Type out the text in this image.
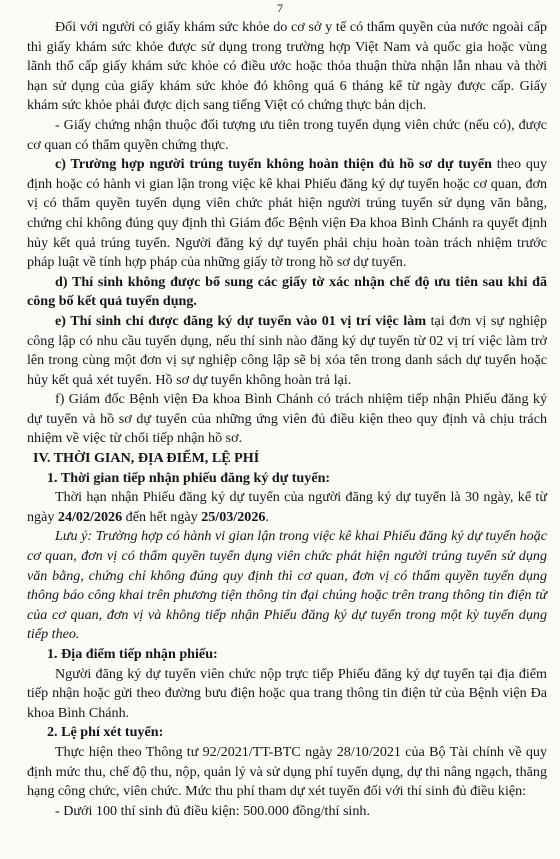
7

Đối với người có giấy khám sức khỏe do cơ sở y tế có thẩm quyền của nước ngoài cấp thì giấy khám sức khỏe được sử dụng trong trường hợp Việt Nam và quốc gia hoặc vùng lãnh thổ cấp giấy khám sức khỏe có điều ước hoặc thỏa thuận thừa nhận lẫn nhau và thời hạn sử dụng của giấy khám sức khỏe đó không quá 6 tháng kể từ ngày được cấp. Giấy khám sức khỏe phải được dịch sang tiếng Việt có chứng thực bản dịch.

- Giấy chứng nhận thuộc đối tượng ưu tiên trong tuyển dụng viên chức (nếu có), được cơ quan có thẩm quyền chứng thực.

c) Trường hợp người trúng tuyển không hoàn thiện đủ hồ sơ dự tuyển theo quy định hoặc có hành vi gian lận trong việc kê khai Phiếu đăng ký dự tuyển hoặc cơ quan, đơn vị có thẩm quyền tuyển dụng viên chức phát hiện người trúng tuyển sử dụng văn bằng, chứng chỉ không đúng quy định thì Giám đốc Bệnh viện Đa khoa Bình Chánh ra quyết định hủy kết quả trúng tuyển. Người đăng ký dự tuyển phải chịu hoàn toàn trách nhiệm trước pháp luật về tính hợp pháp của những giấy tờ trong hồ sơ dự tuyển.

d) Thí sinh không được bổ sung các giấy tờ xác nhận chế độ ưu tiên sau khi đã công bố kết quả tuyển dụng.

e) Thí sinh chỉ được đăng ký dự tuyển vào 01 vị trí việc làm tại đơn vị sự nghiệp công lập có nhu cầu tuyển dụng, nếu thí sinh nào đăng ký dự tuyển từ 02 vị trí việc làm trở lên trong cùng một đơn vị sự nghiệp công lập sẽ bị xóa tên trong danh sách dự tuyển hoặc hủy kết quả xét tuyển. Hồ sơ dự tuyển không hoàn trả lại.

f) Giám đốc Bệnh viện Đa khoa Bình Chánh có trách nhiệm tiếp nhận Phiếu đăng ký dự tuyển và hồ sơ dự tuyển của những ứng viên đủ điều kiện theo quy định và chịu trách nhiệm về việc từ chối tiếp nhận hồ sơ.

IV. THỜI GIAN, ĐỊA ĐIỂM, LỆ PHÍ

1. Thời gian tiếp nhận phiếu đăng ký dự tuyển:

Thời hạn nhận Phiếu đăng ký dự tuyển của người đăng ký dự tuyển là 30 ngày, kể từ ngày 24/02/2026 đến hết ngày 25/03/2026.

Lưu ý: Trường hợp có hành vi gian lận trong việc kê khai Phiếu đăng ký dự tuyển hoặc cơ quan, đơn vị có thẩm quyền tuyển dụng viên chức phát hiện người trúng tuyển sử dụng văn bằng, chứng chỉ không đúng quy định thì cơ quan, đơn vị có thẩm quyền tuyển dụng thông báo công khai trên phương tiện thông tin đại chúng hoặc trên trang thông tin điện tử của cơ quan, đơn vị và không tiếp nhận Phiếu đăng ký dự tuyển trong một kỳ tuyển dụng tiếp theo.

1. Địa điểm tiếp nhận phiếu:

Người đăng ký dự tuyển viên chức nộp trực tiếp Phiếu đăng ký dự tuyển tại địa điểm tiếp nhận hoặc gửi theo đường bưu điện hoặc qua trang thông tin điện tử của Bệnh viện Đa khoa Bình Chánh.

2. Lệ phí xét tuyển:

Thực hiện theo Thông tư 92/2021/TT-BTC ngày 28/10/2021 của Bộ Tài chính về quy định mức thu, chế độ thu, nộp, quản lý và sử dụng phí tuyển dụng, dự thi nâng ngạch, thăng hạng công chức, viên chức. Mức thu phí tham dự xét tuyển đối với thí sinh đủ điều kiện:

- Dưới 100 thí sinh đủ điều kiện: 500.000 đồng/thí sinh.
